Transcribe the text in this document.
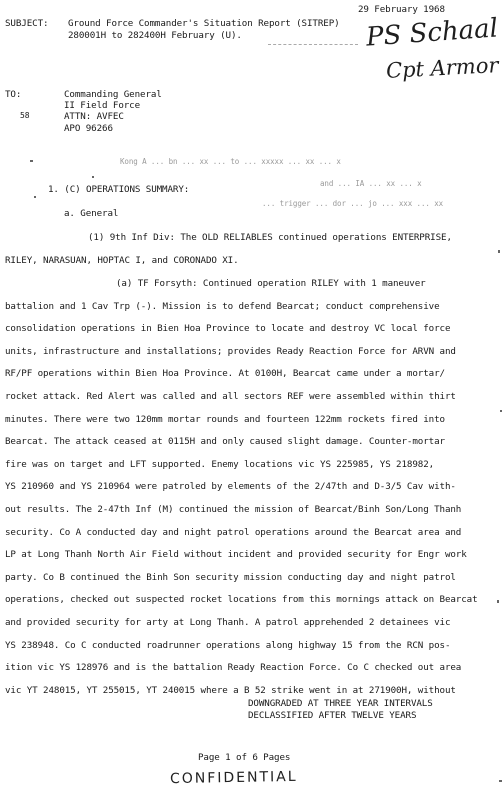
29 February 1968
SUBJECT: Ground Force Commander's Situation Report (SITREP)
280001H to 282400H February (U).	PS Schaal
Cpt Armor
TO:	Commanding General
II Field Force
ATTN: AVFEC
APO 96266
58
Kong A ... bn ... xx ... to ... xxxxx ... xx ... x
and ... IA ... xx ... x
... trigger ... dor ... jo ... xxx ... xx
1. (C) OPERATIONS SUMMARY:
a. General
(1) 9th Inf Div: The OLD RELIABLES continued operations ENTERPRISE,
RILEY, NARASUAN, HOPTAC I, and CORONADO XI.
(a) TF Forsyth: Continued operation RILEY with 1 maneuver
battalion and 1 Cav Trp (-). Mission is to defend Bearcat; conduct comprehensive
consolidation operations in Bien Hoa Province to locate and destroy VC local force
units, infrastructure and installations; provides Ready Reaction Force for ARVN and
RF/PF operations within Bien Hoa Province. At 0100H, Bearcat came under a mortar/
rocket attack. Red Alert was called and all sectors REF were assembled within thirt
minutes. There were two 120mm mortar rounds and fourteen 122mm rockets fired into
Bearcat. The attack ceased at 0115H and only caused slight damage. Counter-mortar
fire was on target and LFT supported. Enemy locations vic YS 225985, YS 218982,
YS 210960 and YS 210964 were patroled by elements of the 2/47th and D-3/5 Cav with-
out results. The 2-47th Inf (M) continued the mission of Bearcat/Binh Son/Long Thanh
security. Co A conducted day and night patrol operations around the Bearcat area and
LP at Long Thanh North Air Field without incident and provided security for Engr work
party. Co B continued the Binh Son security mission conducting day and night patrol
operations, checked out suspected rocket locations from this mornings attack on Bearcat
and provided security for arty at Long Thanh. A patrol apprehended 2 detainees vic
YS 238948. Co C conducted roadrunner operations along highway 15 from the RCN pos-
ition vic YS 128976 and is the battalion Ready Reaction Force. Co C checked out area
vic YT 248015, YT 255015, YT 240015 where a B 52 strike went in at 271900H, without
DOWNGRADED AT THREE YEAR INTERVALS
DECLASSIFIED AFTER TWELVE YEARS
Page 1 of 6 Pages
CONFIDENTIAL
